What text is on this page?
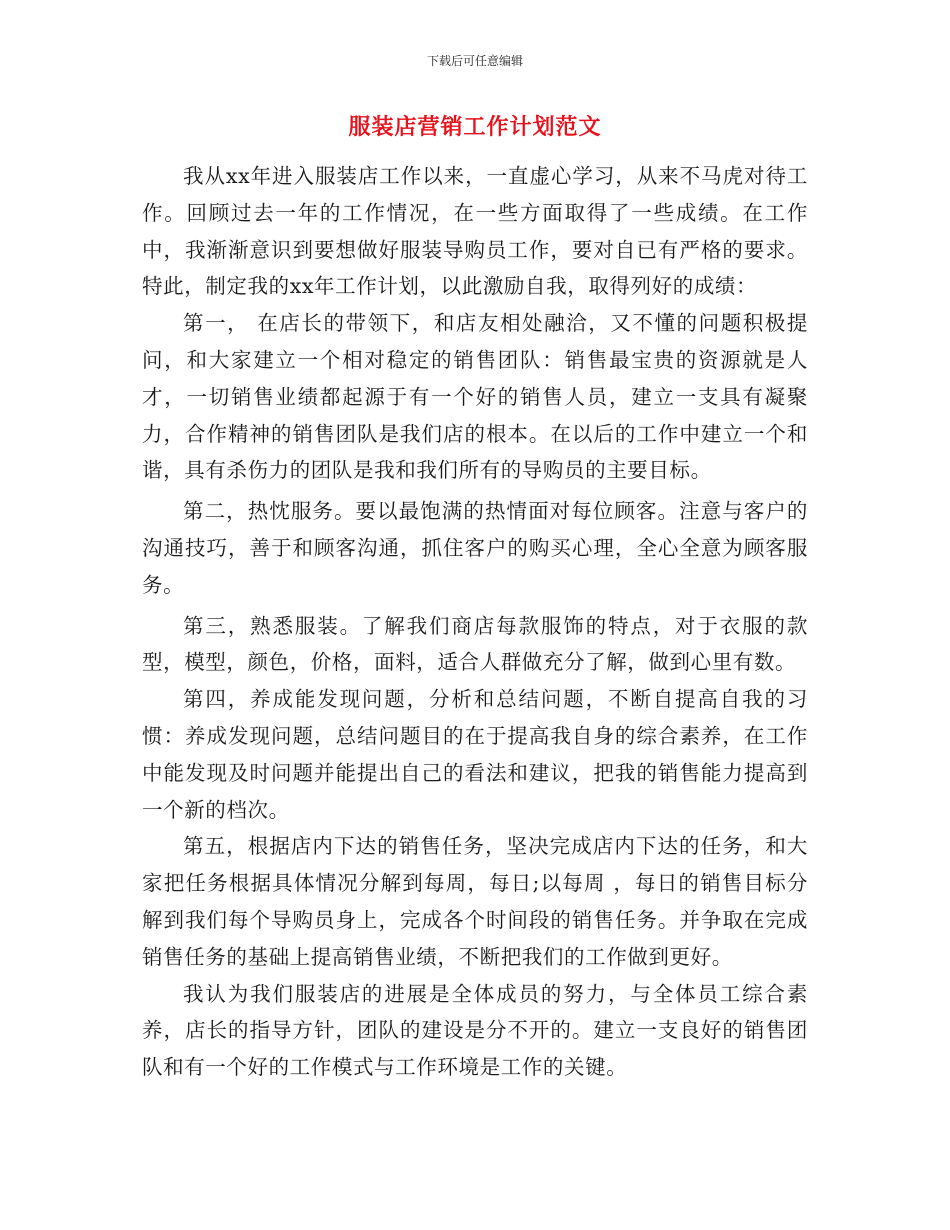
下载后可任意编辑
服装店营销工作计划范文

我从xx年进入服装店工作以来，一直虚心学习，从来不马虎对待工作。回顾过去一年的工作情况，在一些方面取得了一些成绩。在工作中，我渐渐意识到要想做好服装导购员工作，要对自已有严格的要求。特此，制定我的xx年工作计划，以此激励自我，取得列好的成绩：

第一， 在店长的带领下，和店友相处融洽，又不懂的问题积极提问，和大家建立一个相对稳定的销售团队：销售最宝贵的资源就是人才，一切销售业绩都起源于有一个好的销售人员，建立一支具有凝聚力，合作精神的销售团队是我们店的根本。在以后的工作中建立一个和谐，具有杀伤力的团队是我和我们所有的导购员的主要目标。

第二，热忱服务。要以最饱满的热情面对每位顾客。注意与客户的沟通技巧，善于和顾客沟通，抓住客户的购买心理，全心全意为顾客服务。

第三，熟悉服装。了解我们商店每款服饰的特点，对于衣服的款型，模型，颜色，价格，面料，适合人群做充分了解，做到心里有数。

第四，养成能发现问题，分析和总结问题，不断自提高自我的习惯：养成发现问题，总结问题目的在于提高我自身的综合素养，在工作中能发现及时问题并能提出自己的看法和建议，把我的销售能力提高到一个新的档次。

第五，根据店内下达的销售任务，坚决完成店内下达的任务，和大家把任务根据具体情况分解到每周，每日;以每周 ，每日的销售目标分解到我们每个导购员身上，完成各个时间段的销售任务。并争取在完成销售任务的基础上提高销售业绩，不断把我们的工作做到更好。

我认为我们服装店的进展是全体成员的努力，与全体员工综合素养，店长的指导方针，团队的建设是分不开的。建立一支良好的销售团队和有一个好的工作模式与工作环境是工作的关键。
